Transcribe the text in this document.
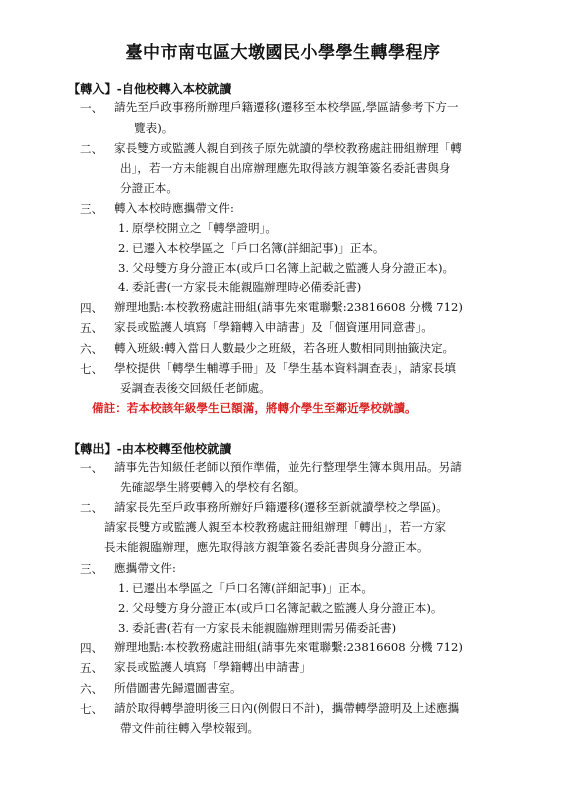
臺中市南屯區大墩國民小學學生轉學程序
【轉入】-自他校轉入本校就讀
一、 請先至戶政事務所辦理戶籍遷移(遷移至本校學區,學區請參考下方一
覽表)。
二、 家長雙方或監護人親自到孩子原先就讀的學校教務處註冊組辦理「轉
出」，若一方未能親自出席辦理應先取得該方親筆簽名委託書與身
分證正本。
三、 轉入本校時應攜帶文件:
1. 原學校開立之「轉學證明」。
2. 已遷入本校學區之「戶口名簿(詳細記事)」正本。
3. 父母雙方身分證正本(或戶口名簿上記載之監護人身分證正本)。
4. 委託書(一方家長未能親臨辦理時必備委託書)
四、 辦理地點:本校教務處註冊組(請事先來電聯繫:23816608 分機 712)
五、 家長或監護人填寫「學籍轉入申請書」及「個資運用同意書」。
六、 轉入班級:轉入當日人數最少之班級，若各班人數相同則抽籤決定。
七、 學校提供「轉學生輔導手冊」及「學生基本資料調查表」，請家長填
妥調查表後交回級任老師處。
備註：若本校該年級學生已額滿，將轉介學生至鄰近學校就讀。
【轉出】-由本校轉至他校就讀
一、 請事先告知級任老師以預作準備，並先行整理學生簿本與用品。另請
先確認學生將要轉入的學校有名額。
二、 請家長先至戶政事務所辦好戶籍遷移(遷移至新就讀學校之學區)。
請家長雙方或監護人親至本校教務處註冊組辦理「轉出」，若一方家
長未能親臨辦理，應先取得該方親筆簽名委託書與身分證正本。
三、 應攜帶文件:
1. 已遷出本學區之「戶口名簿(詳細記事)」正本。
2. 父母雙方身分證正本(或戶口名簿記載之監護人身分證正本)。
3. 委託書(若有一方家長未能親臨辦理則需另備委託書)
四、 辦理地點:本校教務處註冊組(請事先來電聯繫:23816608 分機 712)
五、 家長或監護人填寫「學籍轉出申請書」
六、 所借圖書先歸還圖書室。
七、 請於取得轉學證明後三日內(例假日不計)，攜帶轉學證明及上述應攜
帶文件前往轉入學校報到。
